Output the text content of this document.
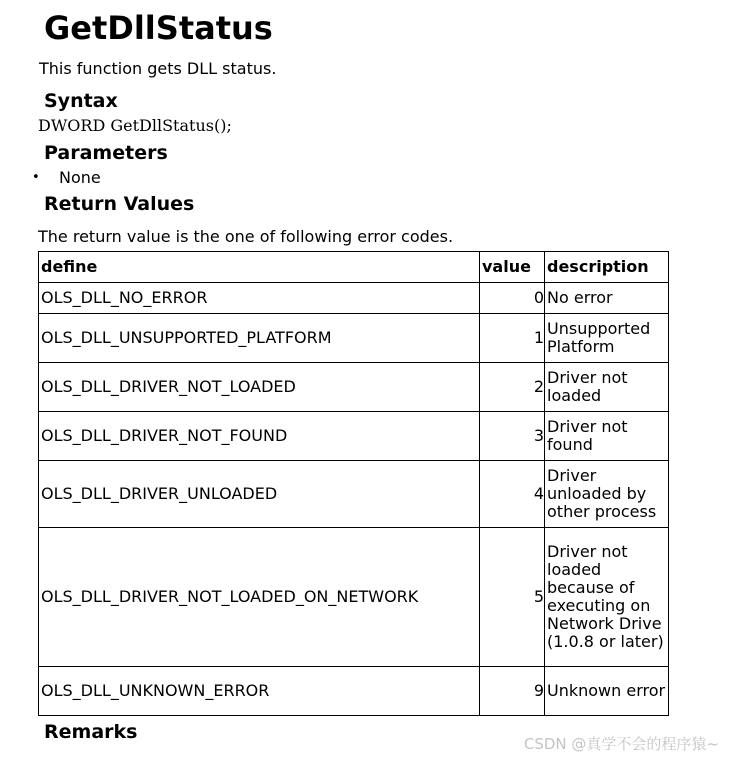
GetDllStatus
This function gets DLL status.
Syntax
DWORD GetDllStatus();
Parameters
• None
Return Values
The return value is the one of following error codes.
define	value	description
OLS_DLL_NO_ERROR	0	No error
OLS_DLL_UNSUPPORTED_PLATFORM	1	Unsupported Platform
OLS_DLL_DRIVER_NOT_LOADED	2	Driver not loaded
OLS_DLL_DRIVER_NOT_FOUND	3	Driver not found
OLS_DLL_DRIVER_UNLOADED	4	Driver unloaded by other process
OLS_DLL_DRIVER_NOT_LOADED_ON_NETWORK	5	Driver not loaded because of executing on Network Drive (1.0.8 or later)
OLS_DLL_UNKNOWN_ERROR	9	Unknown error
Remarks
CSDN @真学不会的程序猿~
